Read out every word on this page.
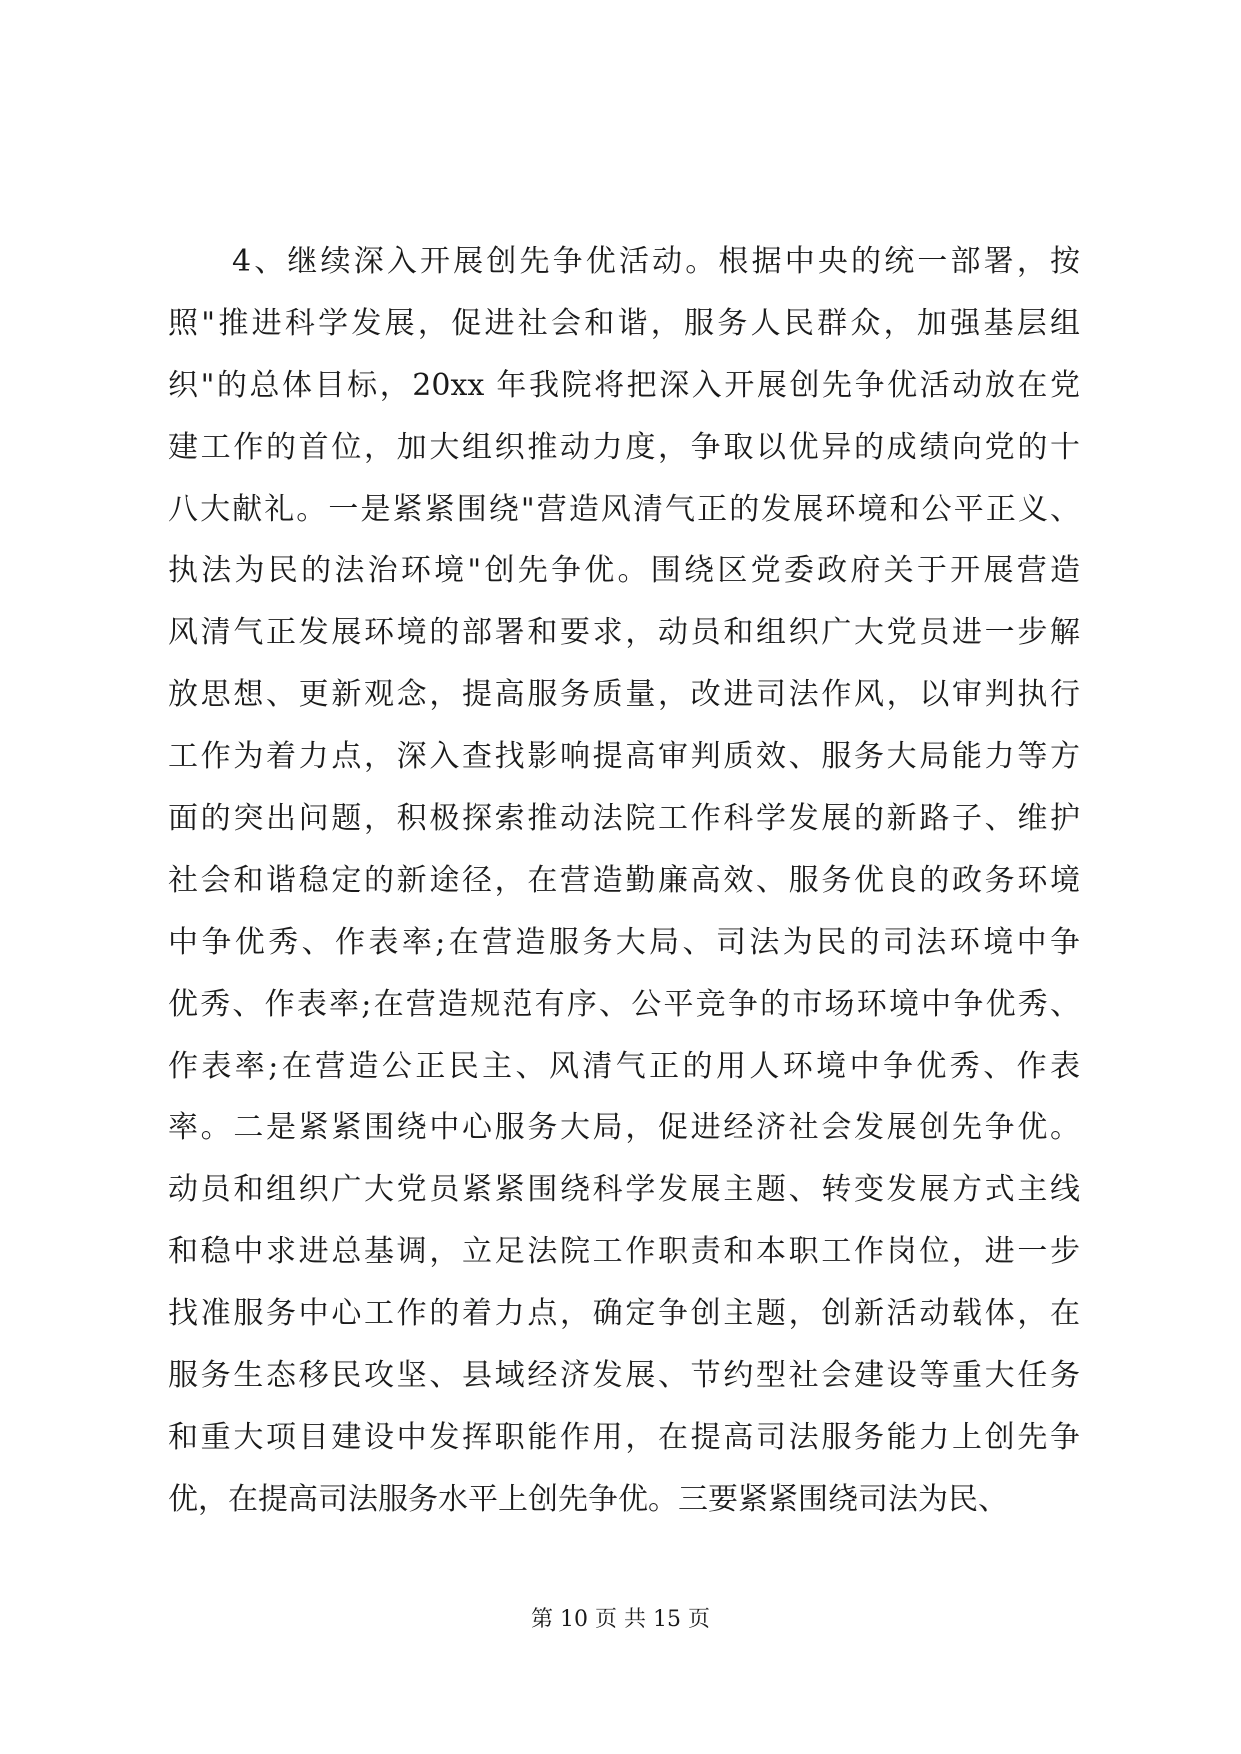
4、继续深入开展创先争优活动。根据中央的统一部署，按
照"推进科学发展，促进社会和谐，服务人民群众，加强基层组
织"的总体目标，20xx 年我院将把深入开展创先争优活动放在党
建工作的首位，加大组织推动力度，争取以优异的成绩向党的十
八大献礼。一是紧紧围绕"营造风清气正的发展环境和公平正义、
执法为民的法治环境"创先争优。围绕区党委政府关于开展营造
风清气正发展环境的部署和要求，动员和组织广大党员进一步解
放思想、更新观念，提高服务质量，改进司法作风，以审判执行
工作为着力点，深入查找影响提高审判质效、服务大局能力等方
面的突出问题，积极探索推动法院工作科学发展的新路子、维护
社会和谐稳定的新途径，在营造勤廉高效、服务优良的政务环境
中争优秀、作表率;在营造服务大局、司法为民的司法环境中争
优秀、作表率;在营造规范有序、公平竞争的市场环境中争优秀、
作表率;在营造公正民主、风清气正的用人环境中争优秀、作表
率。二是紧紧围绕中心服务大局，促进经济社会发展创先争优。
动员和组织广大党员紧紧围绕科学发展主题、转变发展方式主线
和稳中求进总基调，立足法院工作职责和本职工作岗位，进一步
找准服务中心工作的着力点，确定争创主题，创新活动载体，在
服务生态移民攻坚、县域经济发展、节约型社会建设等重大任务
和重大项目建设中发挥职能作用，在提高司法服务能力上创先争
优，在提高司法服务水平上创先争优。三要紧紧围绕司法为民、
第 10 页 共 15 页
